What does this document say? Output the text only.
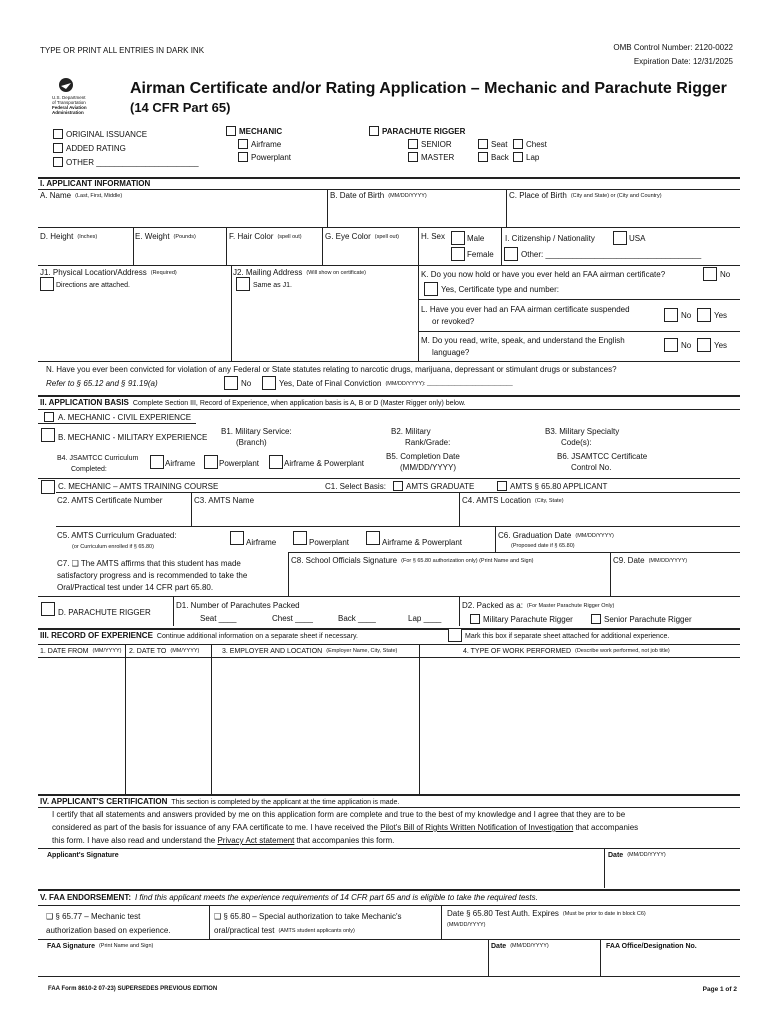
TYPE OR PRINT ALL ENTRIES IN DARK INK	OMB Control Number: 2120-0022
Expiration Date: 12/31/2025
U.S. Department
of Transportation
Federal Aviation
Administration
Airman Certificate and/or Rating Application – Mechanic and Parachute Rigger
(14 CFR Part 65)
ORIGINAL ISSUANCE
ADDED RATING
OTHER _______________________
MECHANIC
Airframe
Powerplant
PARACHUTE RIGGER
SENIOR
MASTER
Seat Chest
Back Lap
I. APPLICANT INFORMATION
A. Name (Last, First, Middle)	B. Date of Birth (MM/DD/YYYY)	C. Place of Birth (City and State) or (City and Country)
D. Height (Inches)	E. Weight (Pounds)	F. Hair Color (spell out)	G. Eye Color (spell out)	H. Sex	Male
Female
I. Citizenship / Nationality	USA
Other: ___________________________________
J1. Physical Location/Address (Required)
Directions are attached.
J2. Mailing Address (Will show on certificate)
Same as J1.
K. Do you now hold or have you ever held an FAA airman certificate?	No
Yes, Certificate type and number:
L. Have you ever had an FAA airman certificate suspended
or revoked?
No	Yes
M. Do you read, write, speak, and understand the English
language?
No	Yes
N. Have you ever been convicted for violation of any Federal or State statutes relating to narcotic drugs, marijuana, depressant or stimulant drugs or substances?
Refer to § 65.12 and § 91.19(a)	No	Yes, Date of Final Conviction (MM/DD/YYYY): ____________________________
II. APPLICATION BASIS Complete Section III, Record of Experience, when application basis is A, B or D (Master Rigger only) below.
A. MECHANIC - CIVIL EXPERIENCE
B. MECHANIC - MILITARY EXPERIENCE
B1. Military Service:
(Branch)
B2. Military
Rank/Grade:
B3. Military Specialty
Code(s):
B4. JSAMTCC Curriculum
Completed:
Airframe	Powerplant	Airframe & Powerplant
B5. Completion Date
(MM/DD/YYYY)
B6. JSAMTCC Certificate
Control No.
C. MECHANIC – AMTS TRAINING COURSE	C1. Select Basis:	AMTS GRADUATE	AMTS § 65.80 APPLICANT
C2. AMTS Certificate Number	C3. AMTS Name	C4. AMTS Location (City, State)
C5. AMTS Curriculum Graduated:
(or Curriculum enrolled if § 65.80)	Airframe	Powerplant	Airframe & Powerplant
C6. Graduation Date (MM/DD/YYYY)
(Proposed date if § 65.80)
C7. ❑ The AMTS affirms that this student has made
satisfactory progress and is recommended to take the
Oral/Practical test under 14 CFR part 65.80.
C8. School Officials Signature (For § 65.80 authorization only) (Print Name and Sign)	C9. Date (MM/DD/YYYY)
D. PARACHUTE RIGGER
D1. Number of Parachutes Packed
Seat ____	Chest ____	Back ____	Lap ____
D2. Packed as a: (For Master Parachute Rigger Only)
Military Parachute Rigger	Senior Parachute Rigger
III. RECORD OF EXPERIENCE Continue additional information on a separate sheet if necessary.	Mark this box if separate sheet attached for additional experience.
1. DATE FROM (MM/YYYY) 2. DATE TO (MM/YYYY)	3. EMPLOYER AND LOCATION (Employer Name, City, State)	4. TYPE OF WORK PERFORMED (Describe work performed, not job title)
IV. APPLICANT'S CERTIFICATION This section is completed by the applicant at the time application is made.
I certify that all statements and answers provided by me on this application form are complete and true to the best of my knowledge and I agree that they are to be
considered as part of the basis for issuance of any FAA certificate to me. I have received the Pilot's Bill of Rights Written Notification of Investigation that accompanies
this form. I have also read and understand the Privacy Act statement that accompanies this form.
Applicant's Signature	Date (MM/DD/YYYY)
V. FAA ENDORSEMENT: I find this applicant meets the experience requirements of 14 CFR part 65 and is eligible to take the required tests.
❑ § 65.77 – Mechanic test
authorization based on experience.
❑ § 65.80 – Special authorization to take Mechanic's
oral/practical test (AMTS student applicants only)
Date § 65.80 Test Auth. Expires (Must be prior to date in block C6)
(MM/DD/YYYY)
FAA Signature (Print Name and Sign)	Date (MM/DD/YYYY)	FAA Office/Designation No.
FAA Form 8610-2 07-23) SUPERSEDES PREVIOUS EDITION	Page 1 of 2
